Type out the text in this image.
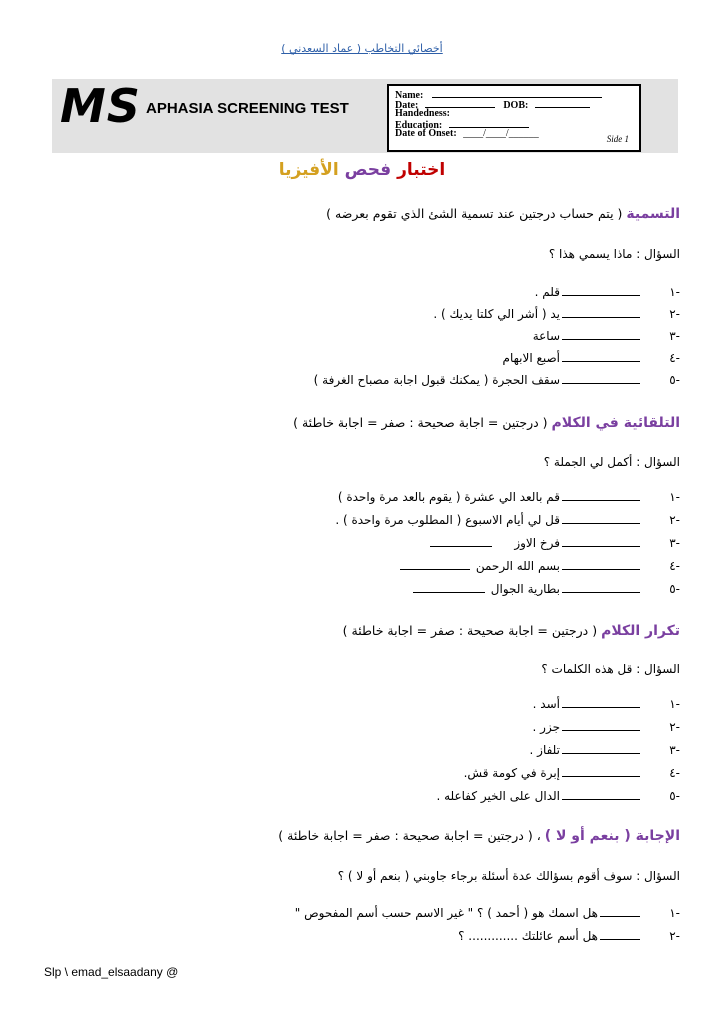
أخصائي التخاطب ( عماد السعدني )
MS APHASIA SCREENING TEST
Name:
Date:	DOB:
Handedness:
Education:
Date of Onset: ____/____/______	Side 1
اختبار فحص الأفيزيا
التسمية ( يتم حساب درجتين عند تسمية الشئ الذي تقوم بعرضه )
السؤال : ماذا يسمي هذا ؟
-١قلم .
-٢يد ( أشر الي كلتا يديك ) .
-٣ساعة
-٤أصبع الابهام
-٥سقف الحجرة ( يمكنك قبول اجابة مصباح الغرفة )
التلقائية في الكلام ( درجتين = اجابة صحيحة : صفر = اجابة خاطئة )
السؤال : أكمل لي الجملة ؟
-١قم بالعد الي عشرة ( يقوم بالعد مرة واحدة )
-٢قل لي أيام الاسبوع ( المطلوب مرة واحدة ) .
-٣فرخ الاوز
-٤بسم الله الرحمن
-٥بطارية الجوال
تكرار الكلام ( درجتين = اجابة صحيحة : صفر = اجابة خاطئة )
السؤال : قل هذه الكلمات ؟
-١أسد .
-٢جزر .
-٣تلفاز .
-٤إبرة في كومة قش.
-٥الدال على الخير كفاعله .
الإجابة ( بنعم أو لا ) ، ( درجتين = اجابة صحيحة : صفر = اجابة خاطئة )
السؤال : سوف أقوم بسؤالك عدة أسئلة برجاء جاوبني ( بنعم أو لا ) ؟
-١هل اسمك هو ( أحمد ) ؟ " غير الاسم حسب أسم المفحوص "
-٢هل أسم عائلتك ............. ؟
Slp \ emad_elsaadany @
